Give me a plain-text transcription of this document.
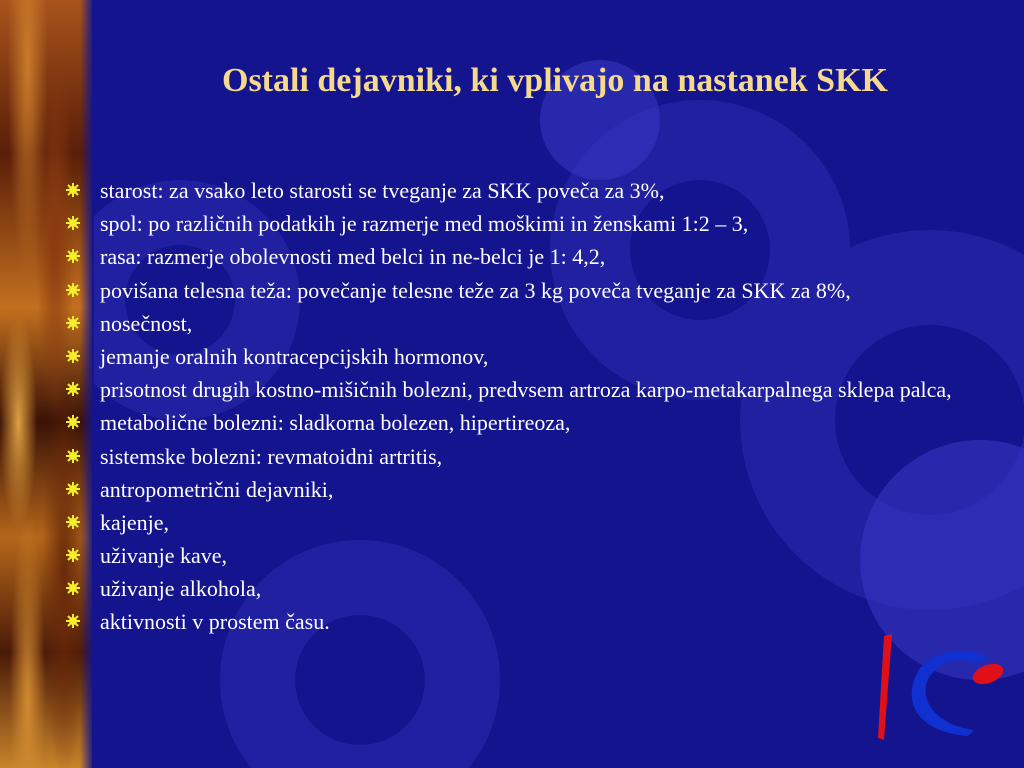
Ostali dejavniki, ki vplivajo na nastanek SKK
starost: za vsako leto starosti se tveganje za SKK poveča za 3%,
spol: po različnih podatkih je razmerje med moškimi in ženskami 1:2 – 3,
rasa: razmerje obolevnosti med belci in ne-belci je 1: 4,2,
povišana telesna teža: povečanje telesne teže za 3 kg poveča tveganje za SKK za 8%,
nosečnost,
jemanje oralnih kontracepcijskih hormonov,
prisotnost drugih kostno-mišičnih bolezni, predvsem artroza karpo-metakarpalnega sklepa palca,
metabolične bolezni: sladkorna bolezen, hipertireoza,
sistemske bolezni: revmatoidni artritis,
antropometrični dejavniki,
kajenje,
uživanje kave,
uživanje alkohola,
aktivnosti v prostem času.
